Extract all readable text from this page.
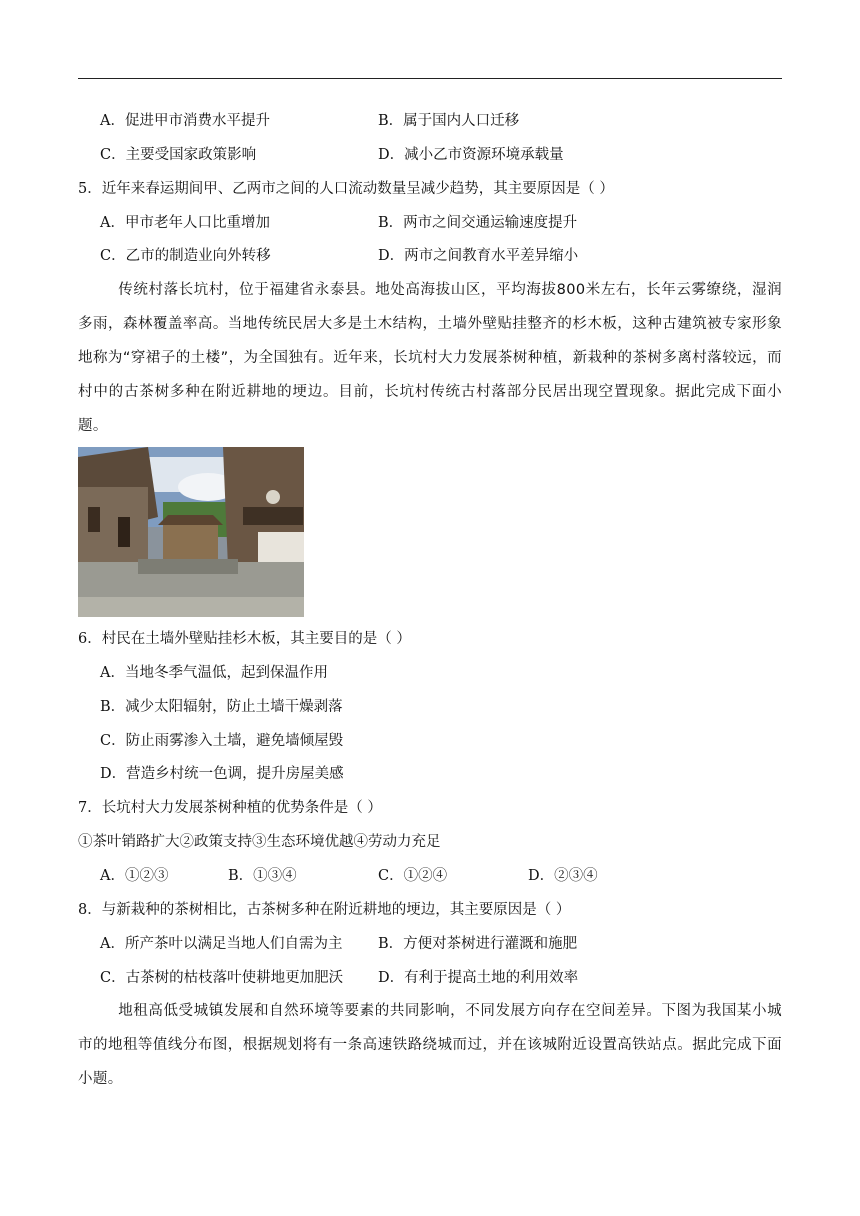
A．促进甲市消费水平提升	B．属于国内人口迁移
C．主要受国家政策影响	D．减小乙市资源环境承载量
5．近年来春运期间甲、乙两市之间的人口流动数量呈减少趋势，其主要原因是（ ）
A．甲市老年人口比重增加	B．两市之间交通运输速度提升
C．乙市的制造业向外转移	D．两市之间教育水平差异缩小
传统村落长坑村，位于福建省永泰县。地处高海拔山区，平均海拔800米左右，长年云雾缭绕，湿润多雨，森林覆盖率高。当地传统民居大多是土木结构，土墙外壁贴挂整齐的杉木板，这种古建筑被专家形象地称为“穿裙子的土楼”，为全国独有。近年来，长坑村大力发展茶树种植，新栽种的茶树多离村落较远，而村中的古茶树多种在附近耕地的埂边。目前，长坑村传统古村落部分民居出现空置现象。据此完成下面小题。
6．村民在土墙外壁贴挂杉木板，其主要目的是（ ）
A．当地冬季气温低，起到保温作用
B．减少太阳辐射，防止土墙干燥剥落
C．防止雨雾渗入土墙，避免墙倾屋毁
D．营造乡村统一色调，提升房屋美感
7．长坑村大力发展茶树种植的优势条件是（ ）
①茶叶销路扩大②政策支持③生态环境优越④劳动力充足
A．①②③	B．①③④	C．①②④	D．②③④
8．与新栽种的茶树相比，古茶树多种在附近耕地的埂边，其主要原因是（ ）
A．所产茶叶以满足当地人们自需为主 B．方便对茶树进行灌溉和施肥
C．古茶树的枯枝落叶使耕地更加肥沃 D．有利于提高土地的利用效率
地租高低受城镇发展和自然环境等要素的共同影响，不同发展方向存在空间差异。下图为我国某小城市的地租等值线分布图，根据规划将有一条高速铁路绕城而过，并在该城附近设置高铁站点。据此完成下面小题。
